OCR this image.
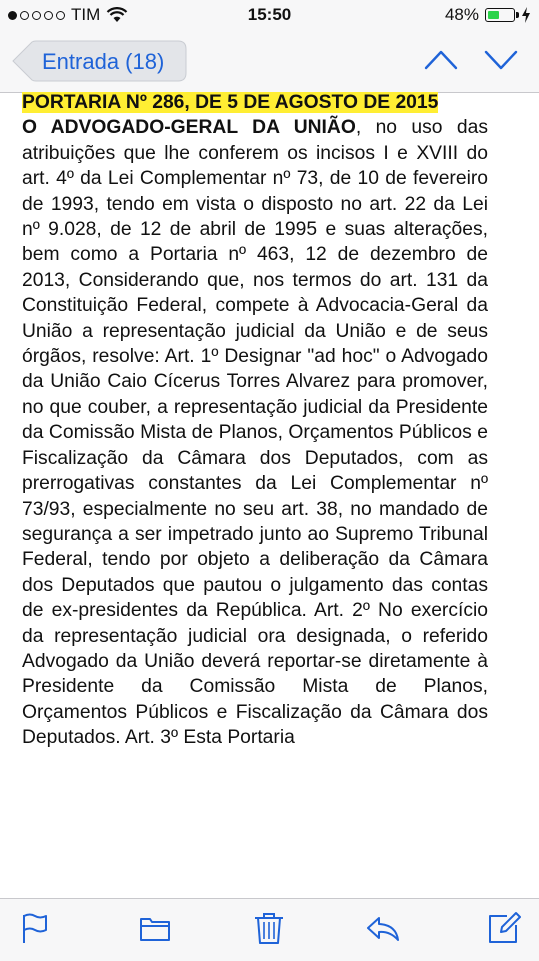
TIM	15:50	48%
Entrada (18)
PORTARIA Nº 286, DE 5 DE AGOSTO DE 2015

O ADVOGADO-GERAL DA UNIÃO, no uso das atribuições que lhe conferem os incisos I e XVIII do art. 4º da Lei Complementar nº 73, de 10 de fevereiro de 1993, tendo em vista o disposto no art. 22 da Lei nº 9.028, de 12 de abril de 1995 e suas alterações, bem como a Portaria nº 463, 12 de dezembro de 2013, Considerando que, nos termos do art. 131 da Constituição Federal, compete à Advocacia-Geral da União a representação judicial da União e de seus órgãos, resolve: Art. 1º Designar "ad hoc" o Advogado da União Caio Cícerus Torres Alvarez para promover, no que couber, a representação judicial da Presidente da Comissão Mista de Planos, Orçamentos Públicos e Fiscalização da Câmara dos Deputados, com as prerrogativas constantes da Lei Complementar nº 73/93, especialmente no seu art. 38, no mandado de segurança a ser impetrado junto ao Supremo Tribunal Federal, tendo por objeto a deliberação da Câmara dos Deputados que pautou o julgamento das contas de ex-presidentes da República. Art. 2º No exercício da representação judicial ora designada, o referido Advogado da União deverá reportar-se diretamente à Presidente da Comissão Mista de Planos, Orçamentos Públicos e Fiscalização da Câmara dos Deputados. Art. 3º Esta Portaria
